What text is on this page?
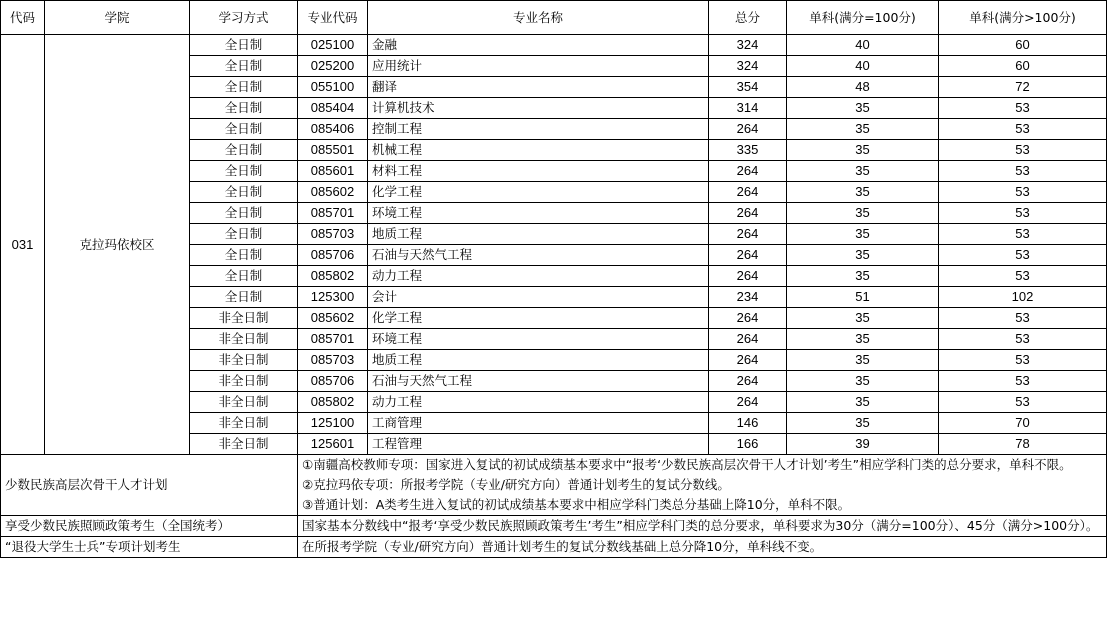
代码	学院	学习方式	专业代码	专业名称	总分	单科(满分=100分)	单科(满分>100分)
031	克拉玛依校区	全日制	025100	金融	324	40	60
		全日制	025200	应用统计	324	40	60
		全日制	055100	翻译	354	48	72
		全日制	085404	计算机技术	314	35	53
		全日制	085406	控制工程	264	35	53
		全日制	085501	机械工程	335	35	53
		全日制	085601	材料工程	264	35	53
		全日制	085602	化学工程	264	35	53
		全日制	085701	环境工程	264	35	53
		全日制	085703	地质工程	264	35	53
		全日制	085706	石油与天然气工程	264	35	53
		全日制	085802	动力工程	264	35	53
		全日制	125300	会计	234	51	102
		非全日制	085602	化学工程	264	35	53
		非全日制	085701	环境工程	264	35	53
		非全日制	085703	地质工程	264	35	53
		非全日制	085706	石油与天然气工程	264	35	53
		非全日制	085802	动力工程	264	35	53
		非全日制	125100	工商管理	146	35	70
		非全日制	125601	工程管理	166	39	78
少数民族高层次骨干人才计划			①南疆高校教师专项：国家进入复试的初试成绩基本要求中“报考‘少数民族高层次骨干人才计划’考生”相应学科门类的总分要求，单科不限。
②克拉玛依专项：所报考学院（专业/研究方向）普通计划考生的复试分数线。
③普通计划：A类考生进入复试的初试成绩基本要求中相应学科门类总分基础上降10分，单科不限。				

享受少数民族照顾政策考生（全国统考）			国家基本分数线中“报考‘享受少数民族照顾政策考生’考生”相应学科门类的总分要求，单科要求为30分（满分=100分）、45分（满分>100分）。				

“退役大学生士兵”专项计划考生			在所报考学院（专业/研究方向）普通计划考生的复试分数线基础上总分降10分，单科线不变。				
